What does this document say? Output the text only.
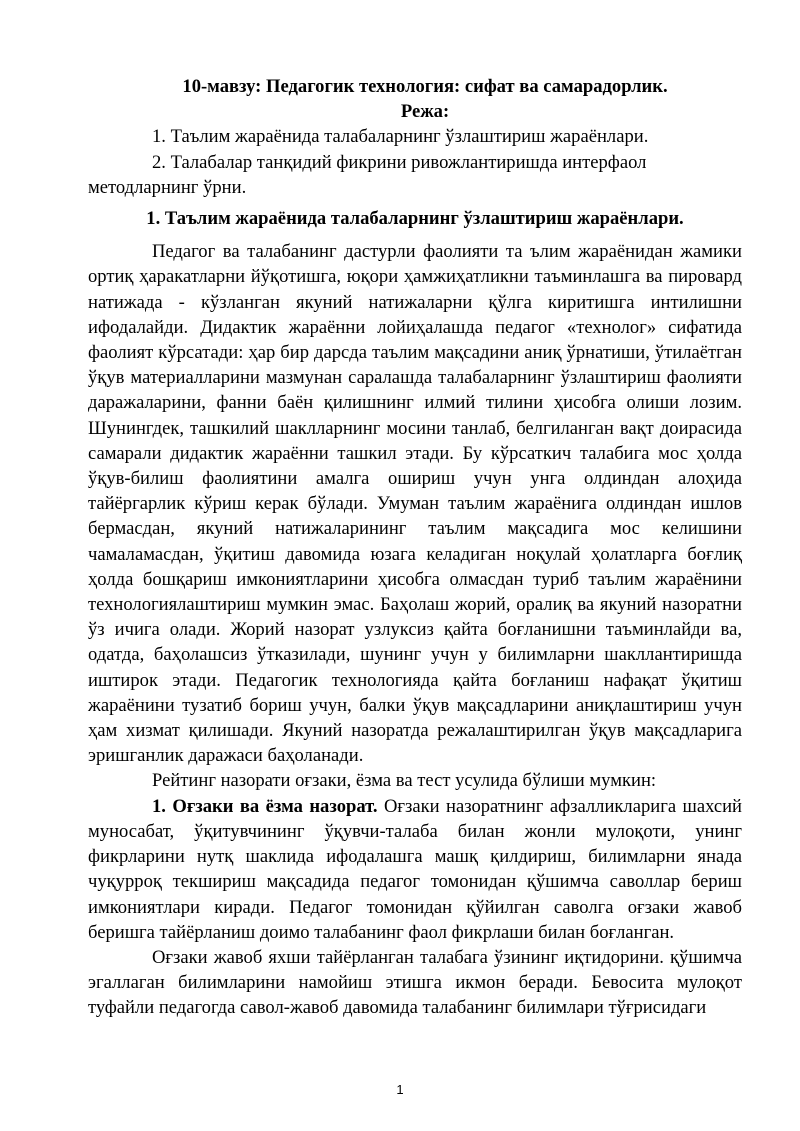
10-мавзу: Педагогик технология: сифат ва самарадорлик.
Режа:

1. Таълим жараёнида талабаларнинг ўзлаштириш жараёнлари.

2. Талабалар танқидий фикрини ривожлантиришда интерфаол методларнинг ўрни.

1. Таълим жараёнида талабаларнинг ўзлаштириш жараёнлари.

Педагог ва талабанинг дастурли фаолияти та ълим жараёнидан жамики ортиқ ҳаракатларни йўқотишга, юқори ҳамжиҳатликни таъминлашга ва пировард натижада - кўзланган якуний натижаларни қўлга киритишга интилишни ифодалайди. Дидактик жараённи лойиҳалашда педагог «технолог» сифатида фаолият кўрсатади: ҳар бир дарсда таълим мақсадини аниқ ўрнатиши, ўтилаётган ўқув материалларини мазмунан саралашда талабаларнинг ўзлаштириш фаолияти даражаларини, фанни баён қилишнинг илмий тилини ҳисобга олиши лозим. Шунингдек, ташкилий шаклларнинг мосини танлаб, белгиланган вақт доирасида самарали дидактик жараённи ташкил этади. Бу кўрсаткич талабига мос ҳолда ўқув-билиш фаолиятини амалга ошириш учун унга олдиндан алоҳида тайёргарлик кўриш керак бўлади. Умуман таълим жараёнига олдиндан ишлов бермасдан, якуний натижаларининг таълим мақсадига мос келишини чамаламасдан, ўқитиш давомида юзага келадиган ноқулай ҳолатларга боғлиқ ҳолда бошқариш имкониятларини ҳисобга олмасдан туриб таълим жараёнини технологиялаштириш мумкин эмас. Баҳолаш жорий, оралиқ ва якуний назоратни ўз ичига олади. Жорий назорат узлуксиз қайта боғланишни таъминлайди ва, одатда, баҳолашсиз ўтказилади, шунинг учун у билимларни шакллантиришда иштирок этади. Педагогик технологияда қайта боғланиш нафақат ўқитиш жараёнини тузатиб бориш учун, балки ўқув мақсадларини аниқлаштириш учун ҳам хизмат қилишади. Якуний назоратда режалаштирилган ўқув мақсадларига эришганлик даражаси баҳоланади.

Рейтинг назорати оғзаки, ёзма ва тест усулида бўлиши мумкин:

1. Оғзаки ва ёзма назорат. Оғзаки назоратнинг афзалликларига шахсий муносабат, ўқитувчининг ўқувчи-талаба билан жонли мулоқоти, унинг фикрларини нутқ шаклида ифодалашга машқ қилдириш, билимларни янада чуқурроқ текшириш мақсадида педагог томонидан қўшимча саволлар бериш имкониятлари киради. Педагог томонидан қўйилган саволга оғзаки жавоб беришга тайёрланиш доимо талабанинг фаол фикрлаши билан боғланган.

Оғзаки жавоб яхши тайёрланган талабага ўзининг иқтидорини. қўшимча эгаллаган билимларини намойиш этишга икмон беради. Бевосита мулоқот туфайли педагогда савол-жавоб давомида талабанинг билимлари тўғрисидаги

1
